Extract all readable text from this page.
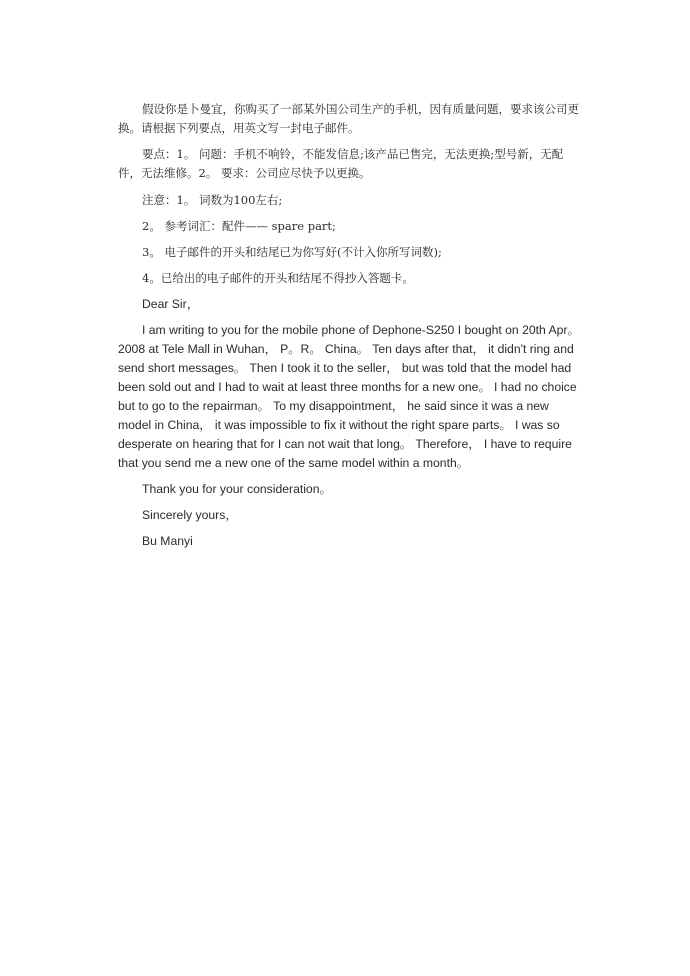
假设你是卜曼宜，你购买了一部某外国公司生产的手机，因有质量问题，要求该公司更换。请根据下列要点，用英文写一封电子邮件。

要点：1。 问题：手机不响铃，不能发信息;该产品已售完，无法更换;型号新，无配件，无法维修。2。 要求：公司应尽快予以更换。

注意：1。 词数为100左右;

2。 参考词汇：配件—— spare part;

3。 电子邮件的开头和结尾已为你写好(不计入你所写词数);

4。已给出的电子邮件的开头和结尾不得抄入答题卡。

Dear Sir，

I am writing to you for the mobile phone of Dephone-S250 I bought on 20th Apr。2008 at Tele Mall in Wuhan， P。R。 China。 Ten days after that， it didn't ring and send short messages。 Then I took it to the seller， but was told that the model had been sold out and I had to wait at least three months for a new one。 I had no choice but to go to the repairman。 To my disappointment， he said since it was a new model in China， it was impossible to fix it without the right spare parts。 I was so desperate on hearing that for I can not wait that long。 Therefore， I have to require that you send me a new one of the same model within a month。

Thank you for your consideration。

Sincerely yours，

Bu Manyi
